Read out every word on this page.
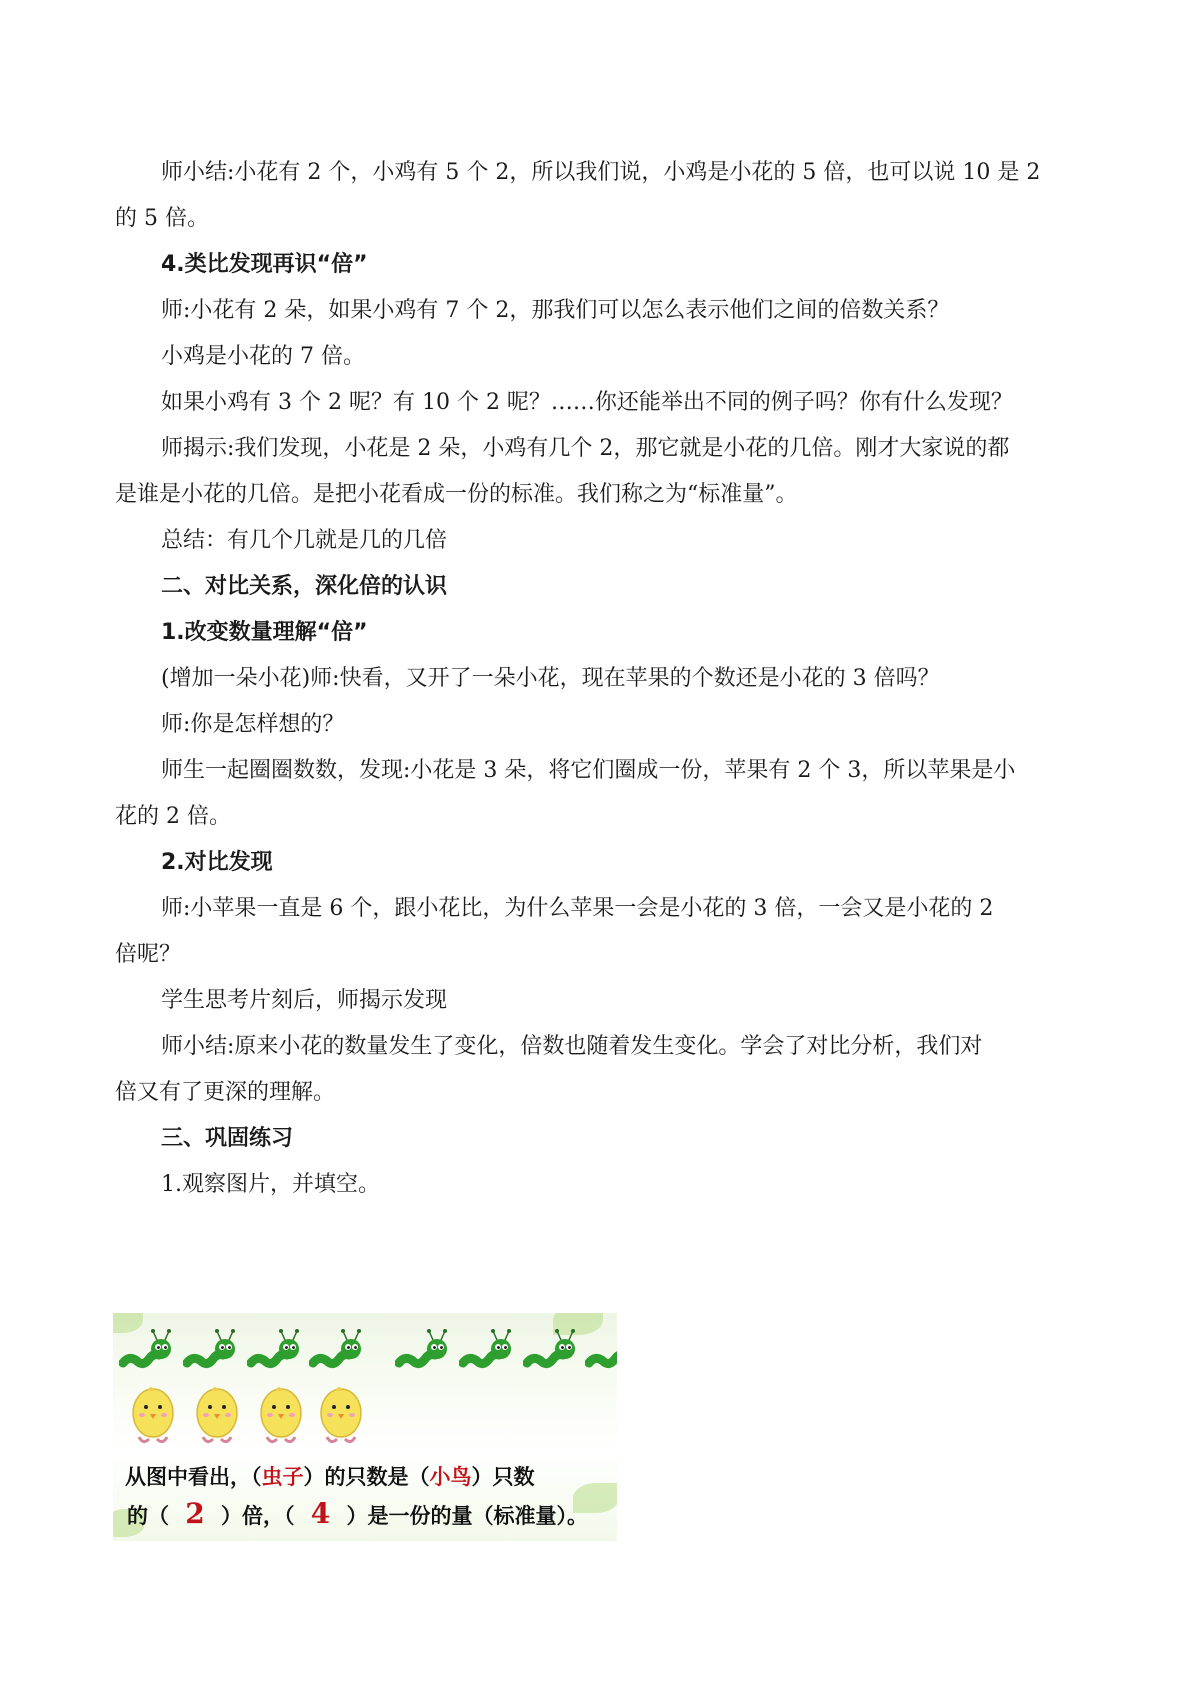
师小结:小花有 2 个，小鸡有 5 个 2，所以我们说，小鸡是小花的 5 倍，也可以说 10 是 2
的 5 倍。
4.类比发现再识“倍”
师:小花有 2 朵，如果小鸡有 7 个 2，那我们可以怎么表示他们之间的倍数关系？
小鸡是小花的 7 倍。
如果小鸡有 3 个 2 呢？有 10 个 2 呢？……你还能举出不同的例子吗？你有什么发现？
师揭示:我们发现，小花是 2 朵，小鸡有几个 2，那它就是小花的几倍。刚才大家说的都
是谁是小花的几倍。是把小花看成一份的标准。我们称之为“标准量”。
总结：有几个几就是几的几倍
二、对比关系，深化倍的认识
1.改变数量理解“倍”
(增加一朵小花)师:快看，又开了一朵小花，现在苹果的个数还是小花的 3 倍吗？
师:你是怎样想的？
师生一起圈圈数数，发现:小花是 3 朵，将它们圈成一份，苹果有 2 个 3，所以苹果是小
花的 2 倍。
2.对比发现
师:小苹果一直是 6 个，跟小花比，为什么苹果一会是小花的 3 倍，一会又是小花的 2
倍呢？
学生思考片刻后，师揭示发现
师小结:原来小花的数量发生了变化，倍数也随着发生变化。学会了对比分析，我们对
倍又有了更深的理解。
三、巩固练习
1.观察图片，并填空。
从图中看出，（虫子）的只数是（小鸟）只数
的（ 2 ）倍，（ 4 ）是一份的量（标准量）。
